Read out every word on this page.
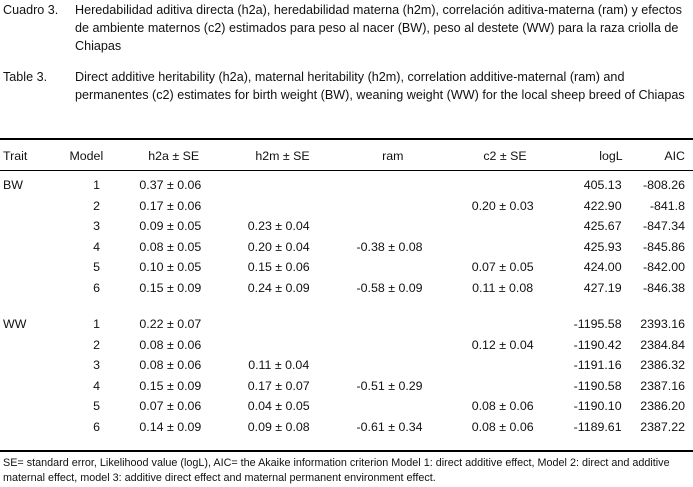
Cuadro 3. Heredabilidad aditiva directa (h2a), heredabilidad materna (h2m), correlación aditiva-materna (ram) y efectos de ambiente maternos (c2) estimados para peso al nacer (BW), peso al destete (WW) para la raza criolla de Chiapas
Table 3. Direct additive heritability (h2a), maternal heritability (h2m), correlation additive-maternal (ram) and permanentes (c2) estimates for birth weight (BW), weaning weight (WW) for the local sheep breed of Chiapas
Trait	Model	h2a ± SE	h2m ± SE	ram	c2 ± SE	logL	AIC
BW	1	0.37 ± 0.06				405.13	-808.26
	2	0.17 ± 0.06			0.20 ± 0.03	422.90	-841.8
	3	0.09 ± 0.05	0.23 ± 0.04			425.67	-847.34
	4	0.08 ± 0.05	0.20 ± 0.04	-0.38 ± 0.08		425.93	-845.86
	5	0.10 ± 0.05	0.15 ± 0.06		0.07 ± 0.05	424.00	-842.00
	6	0.15 ± 0.09	0.24 ± 0.09	-0.58 ± 0.09	0.11 ± 0.08	427.19	-846.38

WW	1	0.22 ± 0.07				-1195.58	2393.16
	2	0.08 ± 0.06			0.12 ± 0.04	-1190.42	2384.84
	3	0.08 ± 0.06	0.11 ± 0.04			-1191.16	2386.32
	4	0.15 ± 0.09	0.17 ± 0.07	-0.51 ± 0.29		-1190.58	2387.16
	5	0.07 ± 0.06	0.04 ± 0.05		0.08 ± 0.06	-1190.10	2386.20
	6	0.14 ± 0.09	0.09 ± 0.08	-0.61 ± 0.34	0.08 ± 0.06	-1189.61	2387.22
SE= standard error, Likelihood value (logL), AIC= the Akaike information criterion Model 1: direct additive effect, Model 2: direct and additive maternal effect, model 3: additive direct effect and maternal permanent environment effect.
